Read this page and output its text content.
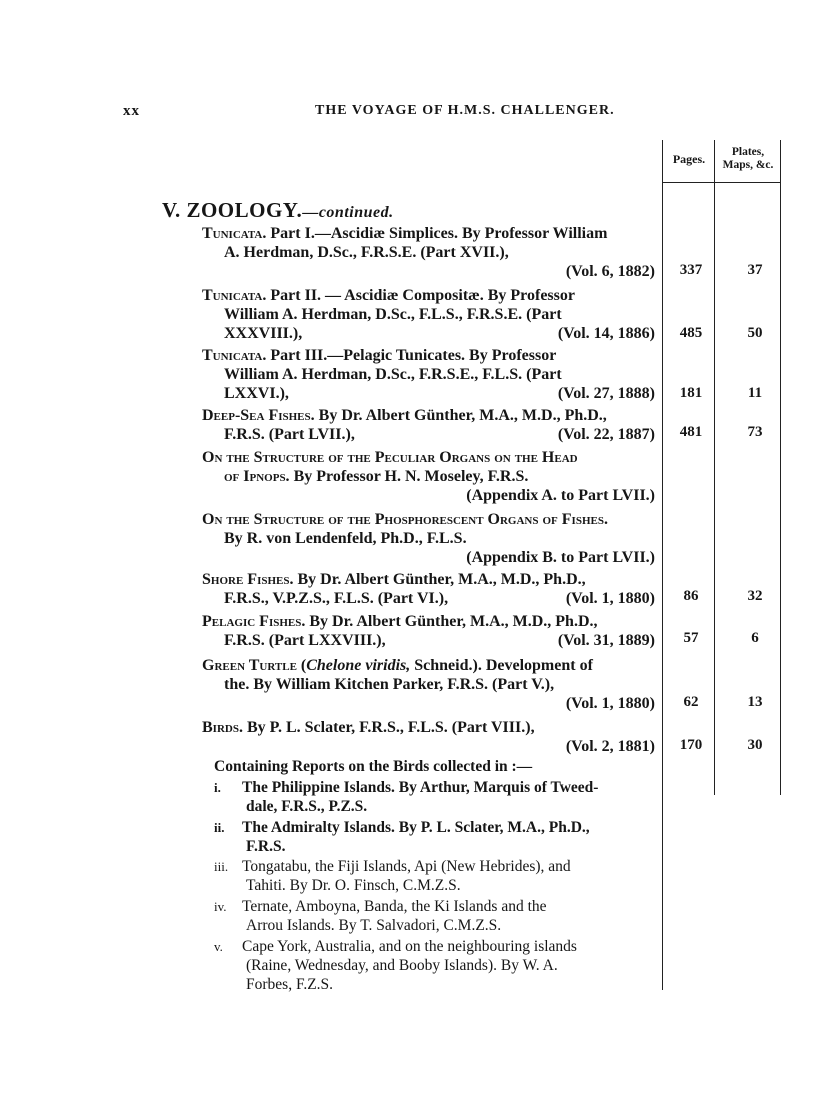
xx	THE VOYAGE OF H.M.S. CHALLENGER.
Pages.	Plates,
Maps, &c.
V. ZOOLOGY.—continued.
Tunicata. Part I.—Ascidiæ Simplices. By Professor William
A. Herdman, D.Sc., F.R.S.E. (Part XVII.),
(Vol. 6, 1882)	337	37
Tunicata. Part II. — Ascidiæ Compositæ. By Professor
William A. Herdman, D.Sc., F.L.S., F.R.S.E. (Part
XXXVIII.),	(Vol. 14, 1886)	485	50
Tunicata. Part III.—Pelagic Tunicates. By Professor
William A. Herdman, D.Sc., F.R.S.E., F.L.S. (Part
LXXVI.),	(Vol. 27, 1888)	181	11
Deep-Sea Fishes. By Dr. Albert Günther, M.A., M.D., Ph.D.,
F.R.S. (Part LVII.),	(Vol. 22, 1887)	481	73
On the Structure of the Peculiar Organs on the Head
of Ipnops. By Professor H. N. Moseley, F.R.S.
(Appendix A. to Part LVII.)
On the Structure of the Phosphorescent Organs of Fishes.
By R. von Lendenfeld, Ph.D., F.L.S.
(Appendix B. to Part LVII.)
Shore Fishes. By Dr. Albert Günther, M.A., M.D., Ph.D.,
F.R.S., V.P.Z.S., F.L.S. (Part VI.),	(Vol. 1, 1880)	86	32
Pelagic Fishes. By Dr. Albert Günther, M.A., M.D., Ph.D.,
F.R.S. (Part LXXVIII.),	(Vol. 31, 1889)	57	6
Green Turtle (Chelone viridis, Schneid.). Development of
the. By William Kitchen Parker, F.R.S. (Part V.),
(Vol. 1, 1880)	62	13
Birds. By P. L. Sclater, F.R.S., F.L.S. (Part VIII.),
(Vol. 2, 1881)	170	30
Containing Reports on the Birds collected in :—
i. The Philippine Islands. By Arthur, Marquis of Tweed-
dale, F.R.S., P.Z.S.
ii. The Admiralty Islands. By P. L. Sclater, M.A., Ph.D.,
F.R.S.
iii. Tongatabu, the Fiji Islands, Api (New Hebrides), and
Tahiti. By Dr. O. Finsch, C.M.Z.S.
iv. Ternate, Amboyna, Banda, the Ki Islands and the
Arrou Islands. By T. Salvadori, C.M.Z.S.
v. Cape York, Australia, and on the neighbouring islands
(Raine, Wednesday, and Booby Islands). By W. A.
Forbes, F.Z.S.
